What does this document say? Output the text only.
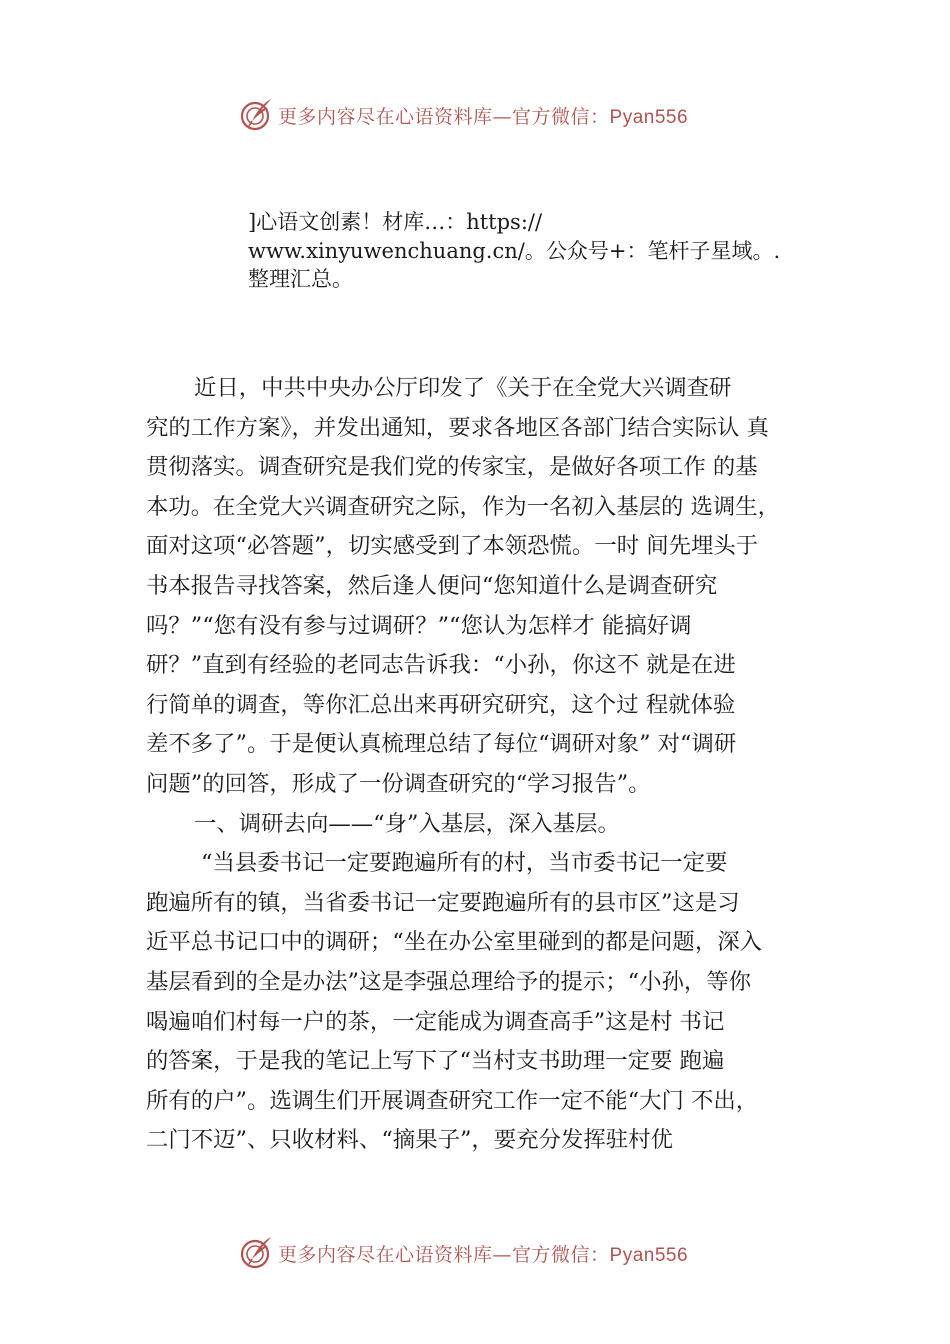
更多内容尽在心语资料库—官方微信：Pyan556
]心语文创素！材库…：https://
www.xinyuwenchuang.cn/。公众号+：笔杆子星域。.
整理汇总。
近日，中共中央办公厅印发了《关于在全党大兴调查研
究的工作方案》，并发出通知，要求各地区各部门结合实际认 真
贯彻落实。调查研究是我们党的传家宝，是做好各项工作 的基
本功。在全党大兴调查研究之际，作为一名初入基层的 选调生，
面对这项“必答题”，切实感受到了本领恐慌。一时 间先埋头于
书本报告寻找答案，然后逢人便问“您知道什么是调查研究
吗？”“您有没有参与过调研？”“您认为怎样才 能搞好调
研？”直到有经验的老同志告诉我：“小孙，你这不 就是在进
行简单的调查，等你汇总出来再研究研究，这个过 程就体验
差不多了”。于是便认真梳理总结了每位“调研对象” 对“调研
问题”的回答，形成了一份调查研究的“学习报告”。
一、调研去向——“身”入基层，深入基层。
“当县委书记一定要跑遍所有的村，当市委书记一定要
跑遍所有的镇，当省委书记一定要跑遍所有的县市区”这是习
近平总书记口中的调研；“坐在办公室里碰到的都是问题，深入
基层看到的全是办法”这是李强总理给予的提示；“小孙，等你
喝遍咱们村每一户的茶，一定能成为调查高手”这是村 书记
的答案，于是我的笔记上写下了“当村支书助理一定要 跑遍
所有的户”。选调生们开展调查研究工作一定不能“大门 不出，
二门不迈”、只收材料、“摘果子”，要充分发挥驻村优
更多内容尽在心语资料库—官方微信：Pyan556
